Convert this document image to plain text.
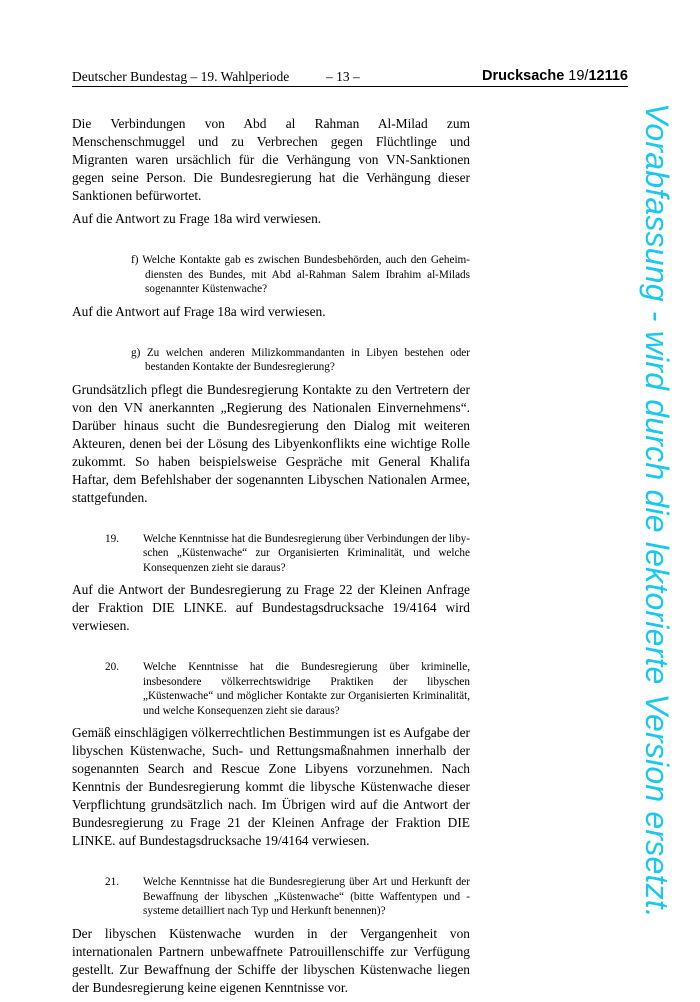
Deutscher Bundestag – 19. Wahlperiode	– 13 –	Drucksache 19/12116

Die Verbindungen von Abd al Rahman Al-Milad zum Menschenschmuggel und zu Verbrechen gegen Flüchtlinge und Migranten waren ursächlich für die Verhängung von VN-Sanktionen gegen seine Person. Die Bundesregierung hat die Verhängung dieser Sanktionen befürwortet.

Auf die Antwort zu Frage 18a wird verwiesen.

f) Welche Kontakte gab es zwischen Bundesbehörden, auch den Geheimdiensten des Bundes, mit Abd al-Rahman Salem Ibrahim al-Milads sogenannter Küstenwache?

Auf die Antwort auf Frage 18a wird verwiesen.

g) Zu welchen anderen Milizkommandanten in Libyen bestehen oder bestanden Kontakte der Bundesregierung?

Grundsätzlich pflegt die Bundesregierung Kontakte zu den Vertretern der von den VN anerkannten „Regierung des Nationalen Einvernehmens“. Darüber hinaus sucht die Bundesregierung den Dialog mit weiteren Akteuren, denen bei der Lösung des Libyenkonflikts eine wichtige Rolle zukommt. So haben beispielsweise Gespräche mit General Khalifa Haftar, dem Befehlshaber der sogenannten Libyschen Nationalen Armee, stattgefunden.

19. Welche Kenntnisse hat die Bundesregierung über Verbindungen der libyschen „Küstenwache“ zur Organisierten Kriminalität, und welche Konsequenzen zieht sie daraus?

Auf die Antwort der Bundesregierung zu Frage 22 der Kleinen Anfrage der Fraktion DIE LINKE. auf Bundestagsdrucksache 19/4164 wird verwiesen.

20. Welche Kenntnisse hat die Bundesregierung über kriminelle, insbesondere völkerrechtswidrige Praktiken der libyschen „Küstenwache“ und möglicher Kontakte zur Organisierten Kriminalität, und welche Konsequenzen zieht sie daraus?

Gemäß einschlägigen völkerrechtlichen Bestimmungen ist es Aufgabe der libyschen Küstenwache, Such- und Rettungsmaßnahmen innerhalb der sogenannten Search and Rescue Zone Libyens vorzunehmen. Nach Kenntnis der Bundesregierung kommt die libysche Küstenwache dieser Verpflichtung grundsätzlich nach. Im Übrigen wird auf die Antwort der Bundesregierung zu Frage 21 der Kleinen Anfrage der Fraktion DIE LINKE. auf Bundestagsdrucksache 19/4164 verwiesen.

21. Welche Kenntnisse hat die Bundesregierung über Art und Herkunft der Bewaffnung der libyschen „Küstenwache“ (bitte Waffentypen und -systeme detailliert nach Typ und Herkunft benennen)?

Der libyschen Küstenwache wurden in der Vergangenheit von internationalen Partnern unbewaffnete Patrouillenschiffe zur Verfügung gestellt. Zur Bewaffnung der Schiffe der libyschen Küstenwache liegen der Bundesregierung keine eigenen Kenntnisse vor.

Vorabfassung - wird durch die lektorierte Version ersetzt.
